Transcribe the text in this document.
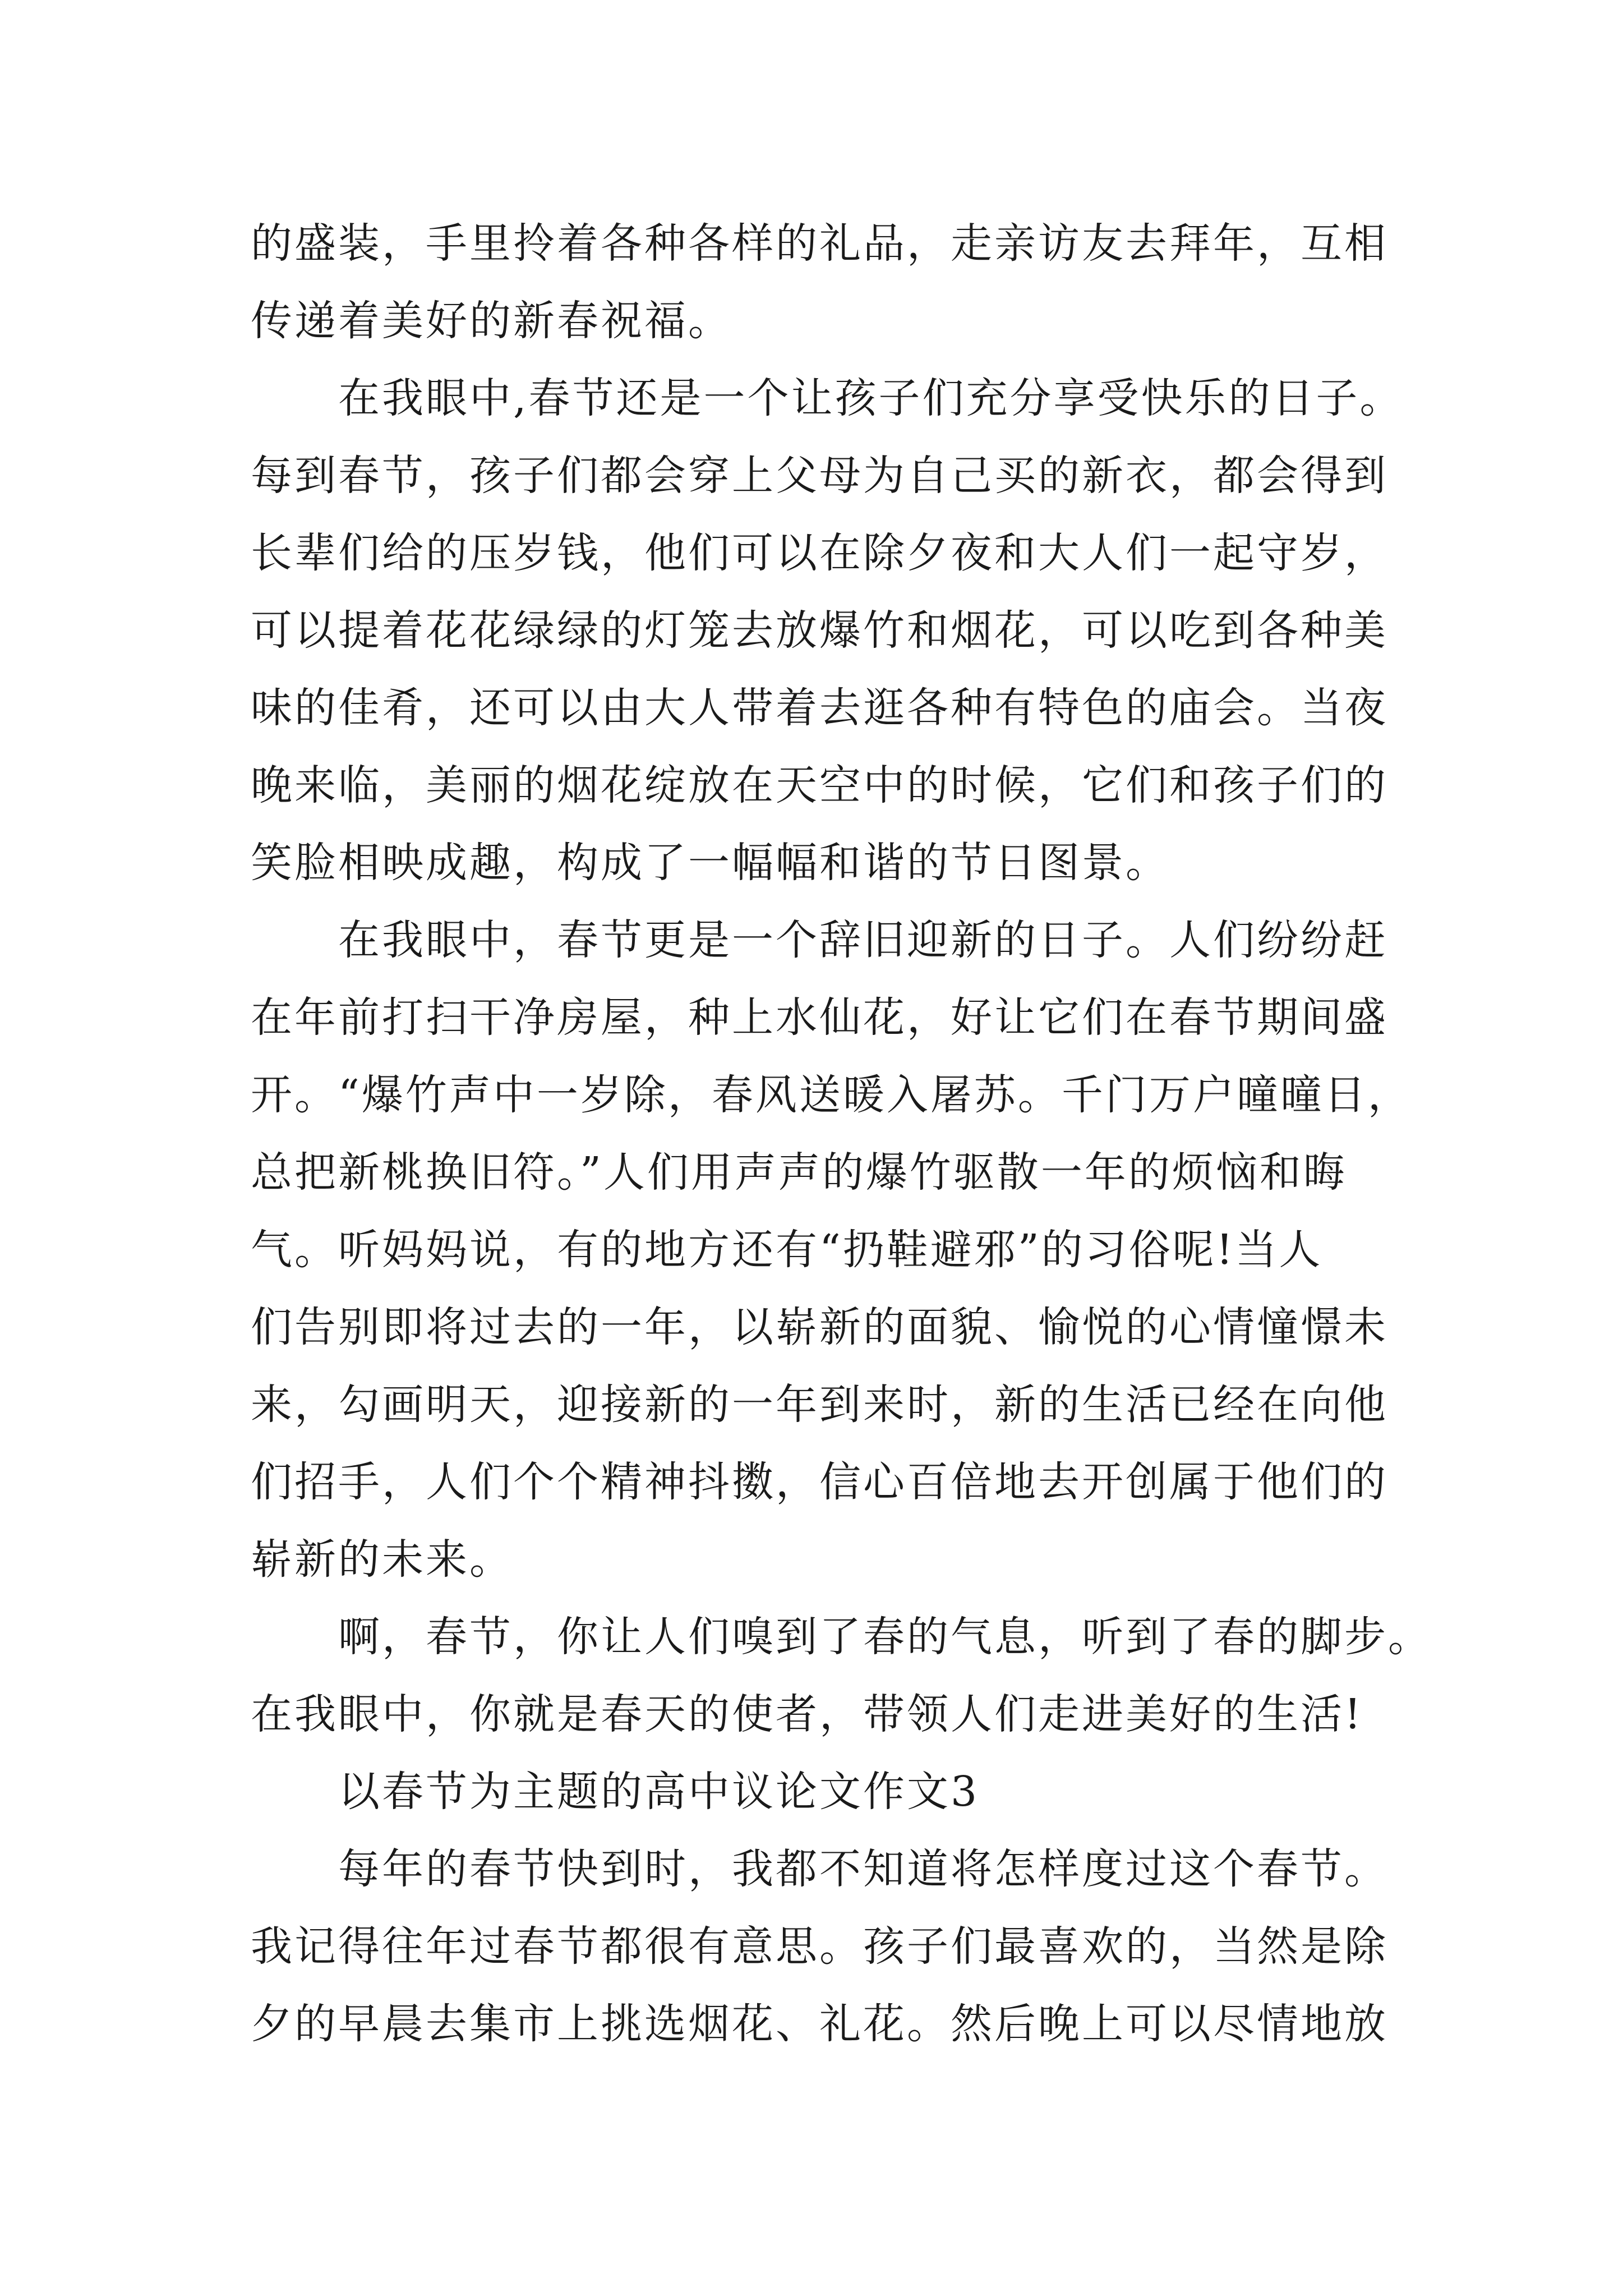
的盛装，手里拎着各种各样的礼品，走亲访友去拜年，互相
传递着美好的新春祝福。
在我眼中,春节还是一个让孩子们充分享受快乐的日子。
每到春节，孩子们都会穿上父母为自己买的新衣，都会得到
长辈们给的压岁钱，他们可以在除夕夜和大人们一起守岁，
可以提着花花绿绿的灯笼去放爆竹和烟花，可以吃到各种美
味的佳肴，还可以由大人带着去逛各种有特色的庙会。当夜
晚来临，美丽的烟花绽放在天空中的时候，它们和孩子们的
笑脸相映成趣，构成了一幅幅和谐的节日图景。
在我眼中，春节更是一个辞旧迎新的日子。人们纷纷赶
在年前打扫干净房屋，种上水仙花，好让它们在春节期间盛
开。“爆竹声中一岁除，春风送暖入屠苏。千门万户曈曈日，
总把新桃换旧符。”人们用声声的爆竹驱散一年的烦恼和晦
气。听妈妈说，有的地方还有“扔鞋避邪”的习俗呢!当人
们告别即将过去的一年，以崭新的面貌、愉悦的心情憧憬未
来，勾画明天，迎接新的一年到来时，新的生活已经在向他
们招手，人们个个精神抖擞，信心百倍地去开创属于他们的
崭新的未来。
啊，春节，你让人们嗅到了春的气息，听到了春的脚步。
在我眼中，你就是春天的使者，带领人们走进美好的生活!
以春节为主题的高中议论文作文3
每年的春节快到时，我都不知道将怎样度过这个春节。
我记得往年过春节都很有意思。孩子们最喜欢的，当然是除
夕的早晨去集市上挑选烟花、礼花。然后晚上可以尽情地放
